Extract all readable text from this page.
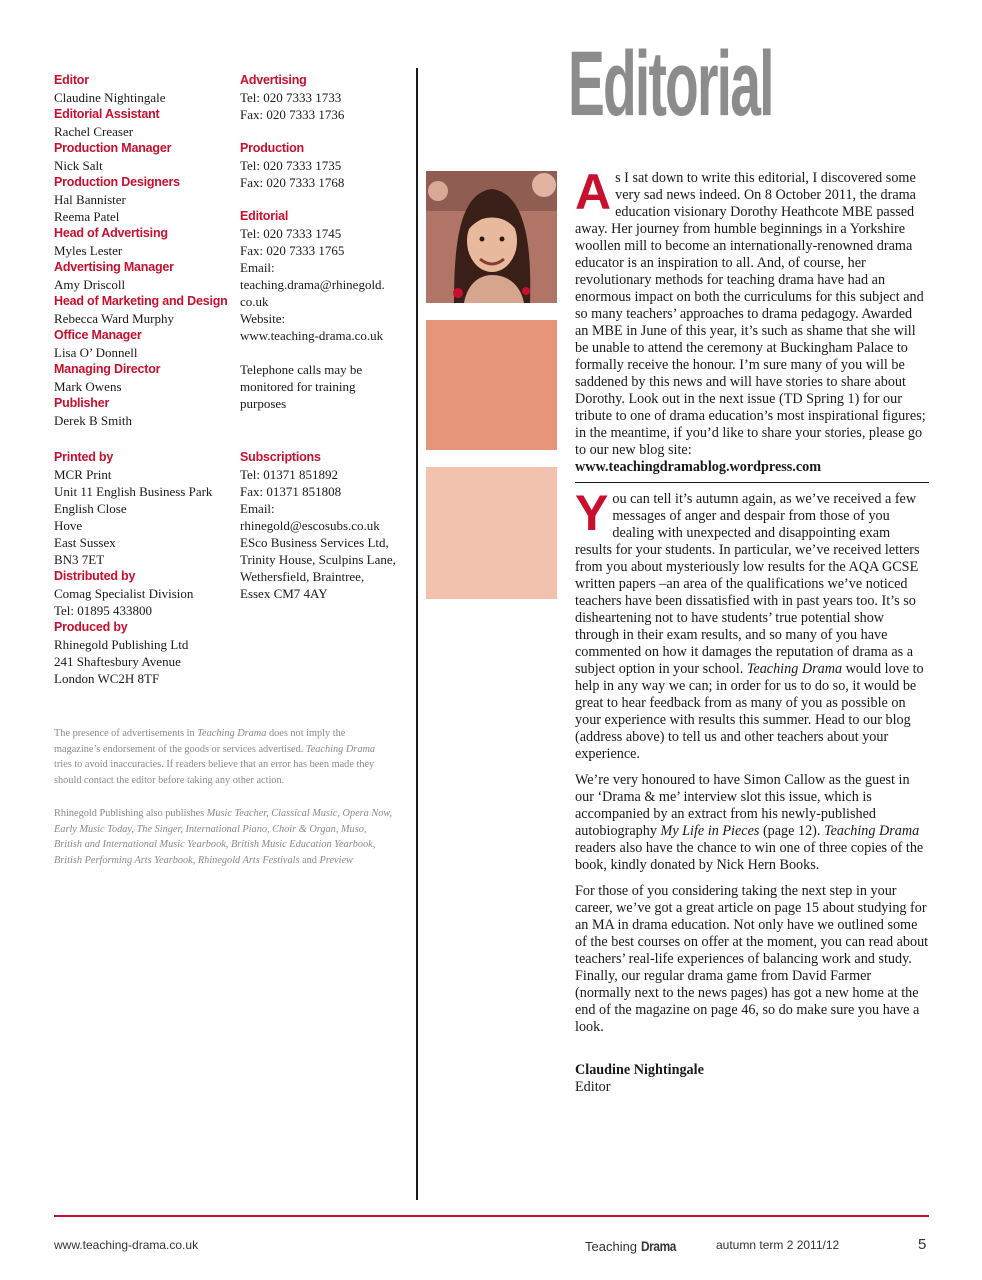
Editor
Claudine Nightingale
Editorial Assistant
Rachel Creaser
Production Manager
Nick Salt
Production Designers
Hal Bannister
Reema Patel
Head of Advertising
Myles Lester
Advertising Manager
Amy Driscoll
Head of Marketing and Design
Rebecca Ward Murphy
Office Manager
Lisa O’ Donnell
Managing Director
Mark Owens
Publisher
Derek B Smith
Printed by
MCR Print
Unit 11 English Business Park
English Close
Hove
East Sussex
BN3 7ET
Distributed by
Comag Specialist Division
Tel: 01895 433800
Produced by
Rhinegold Publishing Ltd
241 Shaftesbury Avenue
London WC2H 8TF
Advertising
Tel: 020 7333 1733
Fax: 020 7333 1736
Production
Tel: 020 7333 1735
Fax: 020 7333 1768
Editorial
Tel: 020 7333 1745
Fax: 020 7333 1765
Email:
teaching.drama@rhinegold.
co.uk
Website:
www.teaching-drama.co.uk
Telephone calls may be
monitored for training
purposes
Subscriptions
Tel: 01371 851892
Fax: 01371 851808
Email:
rhinegold@escosubs.co.uk
ESco Business Services Ltd,
Trinity House, Sculpins Lane,
Wethersfield, Braintree,
Essex CM7 4AY
The presence of advertisements in Teaching Drama does not imply the magazine’s endorsement of the goods or services advertised. Teaching Drama tries to avoid inaccuracies. If readers believe that an error has been made they should contact the editor before taking any other action.
Rhinegold Publishing also publishes Music Teacher, Classical Music, Opera Now, Early Music Today, The Singer, International Piano, Choir & Organ, Muso, British and International Music Yearbook, British Music Education Yearbook, British Performing Arts Yearbook, Rhinegold Arts Festivals and Preview
Editorial

As I sat down to write this editorial, I discovered some very sad news indeed. On 8 October 2011, the drama education visionary Dorothy Heathcote MBE passed away. Her journey from humble beginnings in a Yorkshire woollen mill to become an internationally-renowned drama educator is an inspiration to all. And, of course, her revolutionary methods for teaching drama have had an enormous impact on both the curriculums for this subject and so many teachers’ approaches to drama pedagogy. Awarded an MBE in June of this year, it’s such as shame that she will be unable to attend the ceremony at Buckingham Palace to formally receive the honour. I’m sure many of you will be saddened by this news and will have stories to share about Dorothy. Look out in the next issue (TD Spring 1) for our tribute to one of drama education’s most inspirational figures; in the meantime, if you’d like to share your stories, please go to our new blog site: www.teachingdramablog.wordpress.com

You can tell it’s autumn again, as we’ve received a few messages of anger and despair from those of you dealing with unexpected and disappointing exam results for your students. In particular, we’ve received letters from you about mysteriously low results for the AQA GCSE written papers –an area of the qualifications we’ve noticed teachers have been dissatisfied with in past years too. It’s so disheartening not to have students’ true potential show through in their exam results, and so many of you have commented on how it damages the reputation of drama as a subject option in your school. Teaching Drama would love to help in any way we can; in order for us to do so, it would be great to hear feedback from as many of you as possible on your experience with results this summer. Head to our blog (address above) to tell us and other teachers about your experience.

We’re very honoured to have Simon Callow as the guest in our ‘Drama & me’ interview slot this issue, which is accompanied by an extract from his newly-published autobiography My Life in Pieces (page 12). Teaching Drama readers also have the chance to win one of three copies of the book, kindly donated by Nick Hern Books.

For those of you considering taking the next step in your career, we’ve got a great article on page 15 about studying for an MA in drama education. Not only have we outlined some of the best courses on offer at the moment, you can read about teachers’ real-life experiences of balancing work and study. Finally, our regular drama game from David Farmer (normally next to the news pages) has got a new home at the end of the magazine on page 46, so do make sure you have a look.

Claudine Nightingale
Editor
www.teaching-drama.co.uk	Teaching Drama	autumn term 2 2011/12	5
